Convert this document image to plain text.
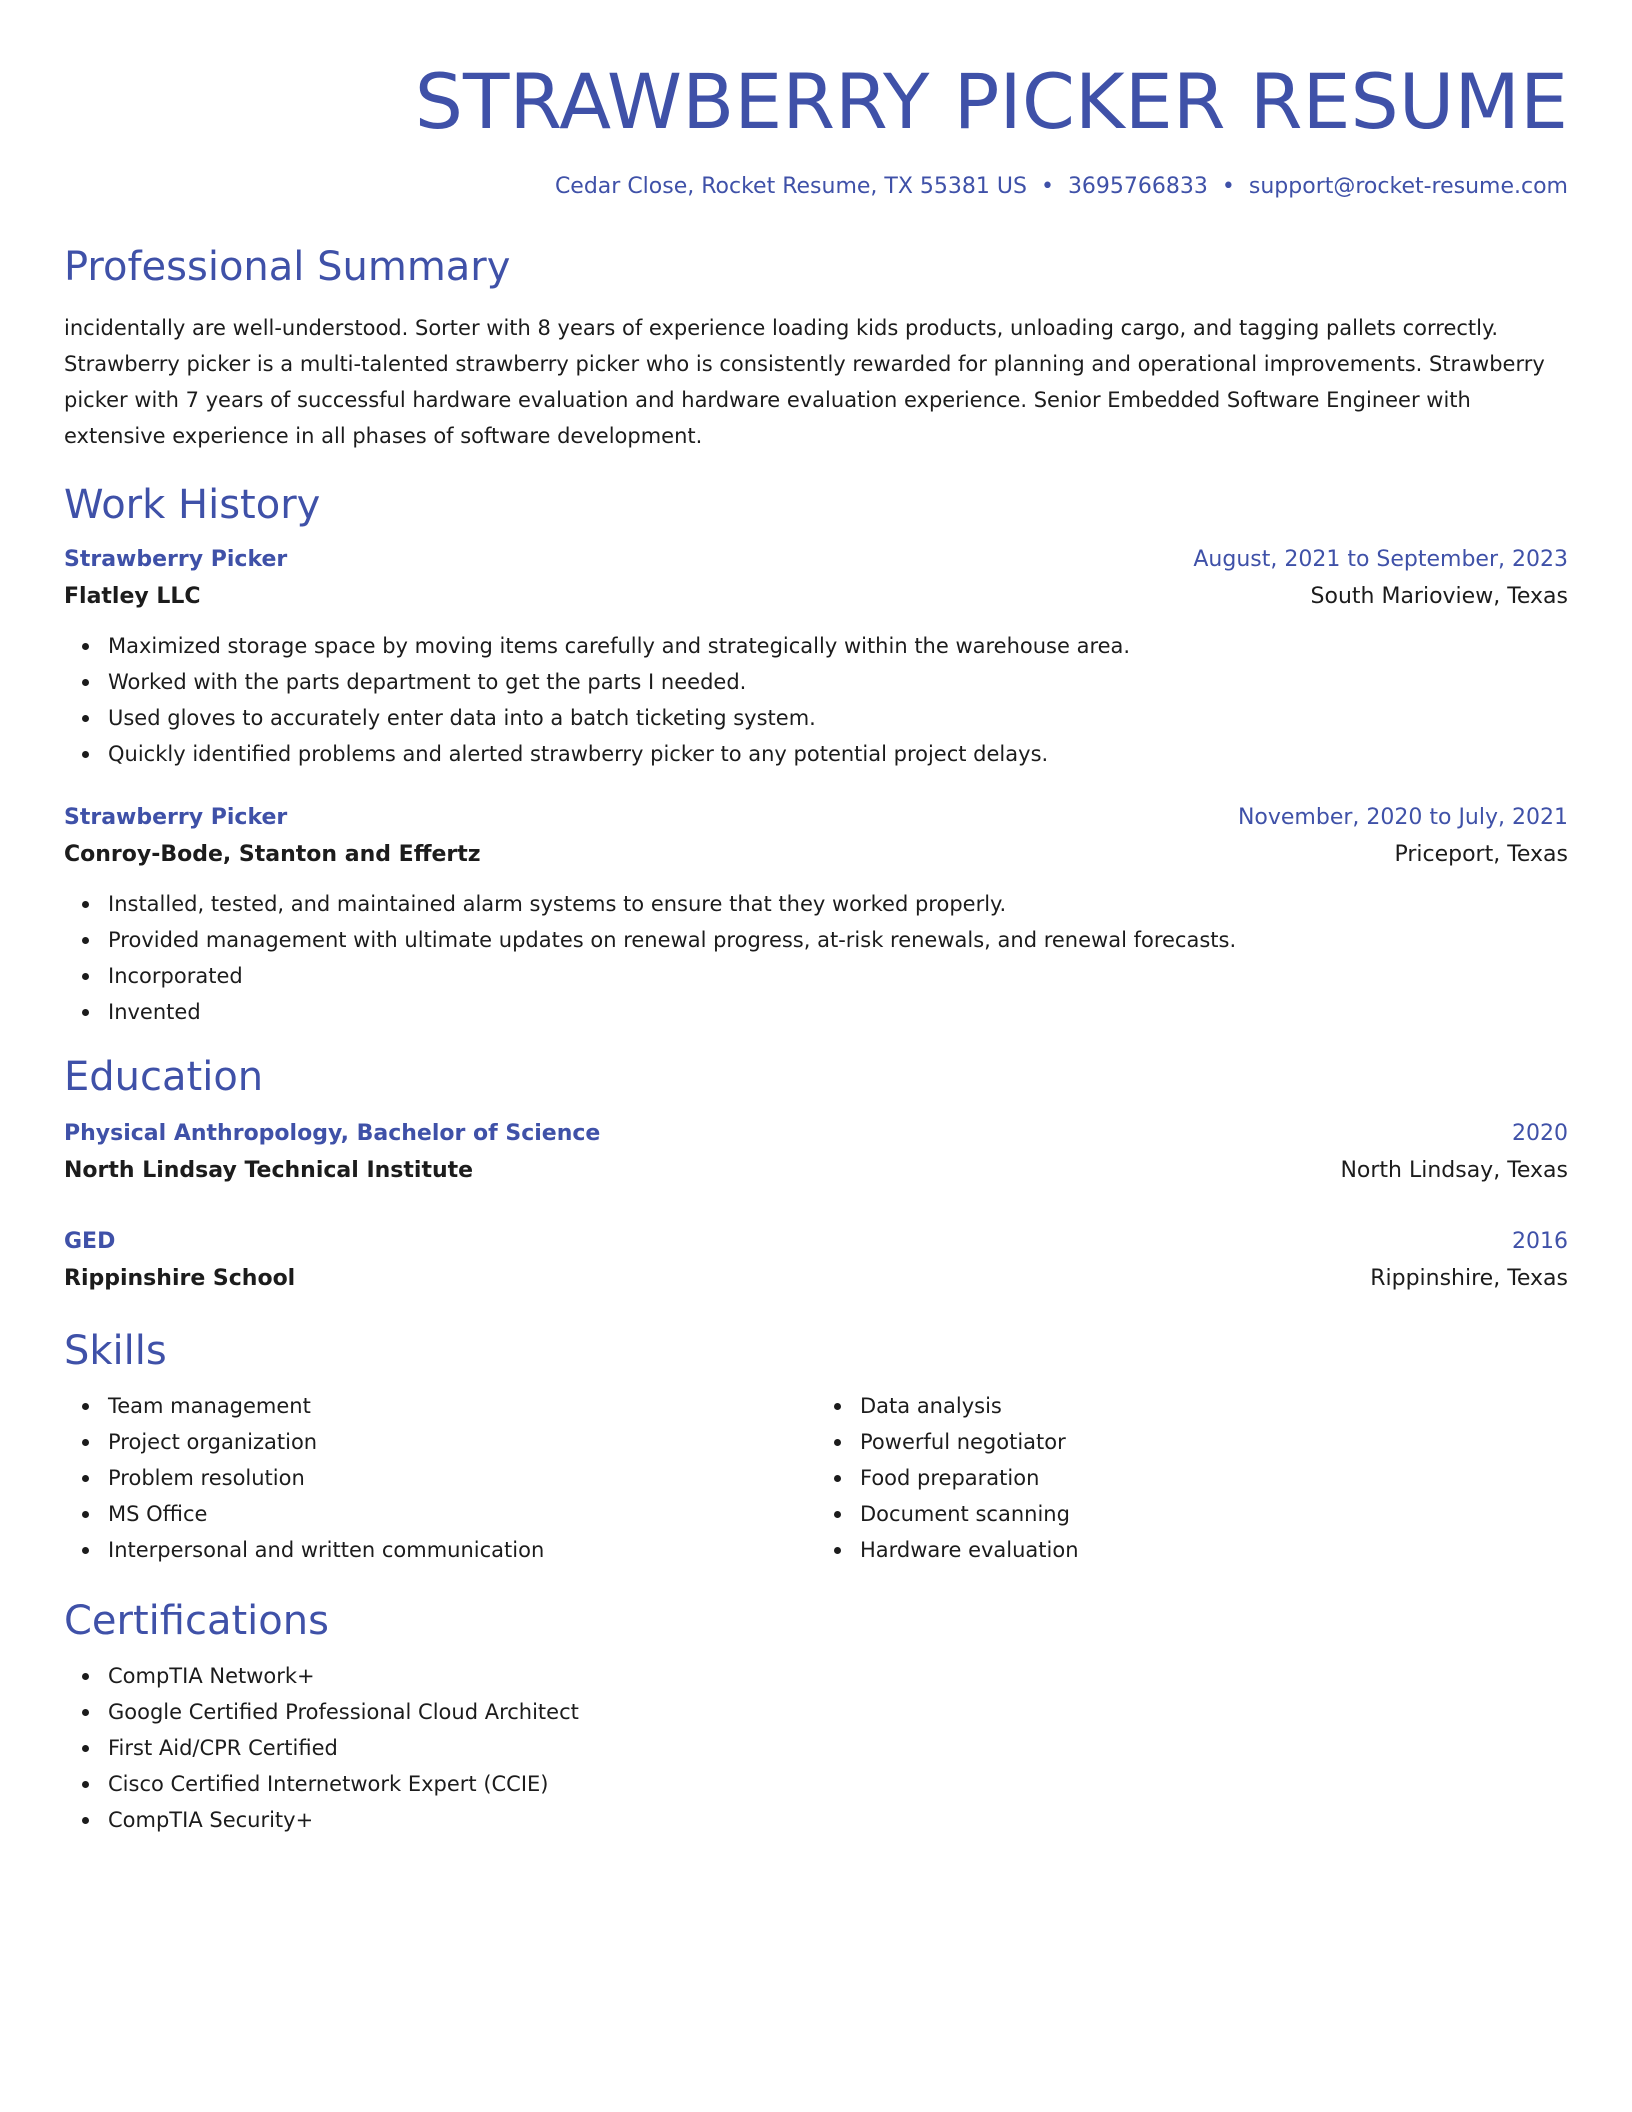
STRAWBERRY PICKER RESUME
Cedar Close, Rocket Resume, TX 55381 US • 3695766833 • support@rocket-resume.com
Professional Summary

incidentally are well-understood. Sorter with 8 years of experience loading kids products, unloading cargo, and tagging pallets correctly. Strawberry picker is a multi-talented strawberry picker who is consistently rewarded for planning and operational improvements. Strawberry picker with 7 years of successful hardware evaluation and hardware evaluation experience. Senior Embedded Software Engineer with extensive experience in all phases of software development.

Work History
Strawberry Picker	August, 2021 to September, 2023
Flatley LLC	South Marioview, Texas
Maximized storage space by moving items carefully and strategically within the warehouse area.
Worked with the parts department to get the parts I needed.
Used gloves to accurately enter data into a batch ticketing system.
Quickly identified problems and alerted strawberry picker to any potential project delays.
Strawberry Picker	November, 2020 to July, 2021
Conroy-Bode, Stanton and Effertz	Priceport, Texas
Installed, tested, and maintained alarm systems to ensure that they worked properly.
Provided management with ultimate updates on renewal progress, at-risk renewals, and renewal forecasts.
Incorporated
Invented
Education
Physical Anthropology, Bachelor of Science	2020
North Lindsay Technical Institute	North Lindsay, Texas
GED	2016
Rippinshire School	Rippinshire, Texas
Skills
Team management
Project organization
Problem resolution
MS Office
Interpersonal and written communication
Data analysis
Powerful negotiator
Food preparation
Document scanning
Hardware evaluation
Certifications
CompTIA Network+
Google Certified Professional Cloud Architect
First Aid/CPR Certified
Cisco Certified Internetwork Expert (CCIE)
CompTIA Security+
